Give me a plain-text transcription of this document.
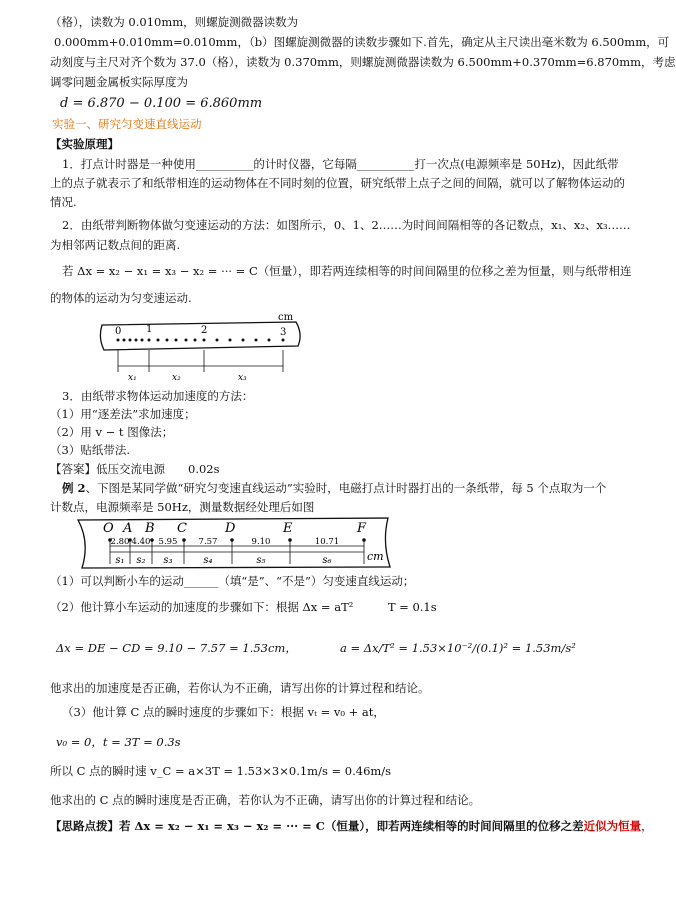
（格），读数为 0.010mm，则螺旋测微器读数为
0.000mm+0.010mm=0.010mm，（b）图螺旋测微器的读数步骤如下.首先，确定从主尺读出毫米数为 6.500mm，可
动刻度与主尺对齐个数为 37.0（格），读数为 0.370mm，则螺旋测微器读数为 6.500mm+0.370mm=6.870mm，考虑
调零问题金属板实际厚度为
d = 6.870 − 0.100 = 6.860mm
实验一、研究匀变速直线运动
【实验原理】
1．打点计时器是一种使用__________的计时仪器，它每隔__________打一次点(电源频率是 50Hz)，因此纸带
上的点子就表示了和纸带相连的运动物体在不同时刻的位置，研究纸带上点子之间的间隔，就可以了解物体运动的
情况.
2．由纸带判断物体做匀变速运动的方法：如图所示，0、1、2……为时间间隔相等的各记数点，x₁、x₂、x₃……
为相邻两记数点间的距离.
若 Δx = x₂ − x₁ = x₃ − x₂ = ··· = C（恒量），即若两连续相等的时间间隔里的位移之差为恒量，则与纸带相连
的物体的运动为匀变速运动.
cm
0 1	2	3
x₁	x₂	x₃
3．由纸带求物体运动加速度的方法：
（1）用“逐差法”求加速度；
（2）用 v − t 图像法；
（3）贴纸带法.
【答案】低压交流电源　　0.02s
例 2、下图是某同学做“研究匀变速直线运动”实验时，电磁打点计时器打出的一条纸带，每 5 个点取为一个
计数点，电源频率是 50Hz，测量数据经处理后如图
O A B C	D	E	F
2.80
s₁
4.40
s₂
5.95
s₃
7.57
s₄
9.10
s₅
10.71
s₆	cm
（1）可以判断小车的运动______（填“是”、“不是”）匀变速直线运动；
（2）他计算小车运动的加速度的步骤如下：根据 Δx = aT²　　　T = 0.1s
Δx = DE − CD = 9.10 − 7.57 = 1.53cm，	a = Δx/T² = 1.53×10⁻²/(0.1)² = 1.53m/s²
他求出的加速度是否正确，若你认为不正确，请写出你的计算过程和结论。
（3）他计算 C 点的瞬时速度的步骤如下：根据 vₜ = v₀ + at，
v₀ = 0，t = 3T = 0.3s
所以 C 点的瞬时速 v_C = a×3T = 1.53×3×0.1m/s = 0.46m/s
他求出的 C 点的瞬时速度是否正确，若你认为不正确，请写出你的计算过程和结论。
【思路点拨】若 Δx = x₂ − x₁ = x₃ − x₂ = ··· = C（恒量），即若两连续相等的时间间隔里的位移之差近似为恒量，
